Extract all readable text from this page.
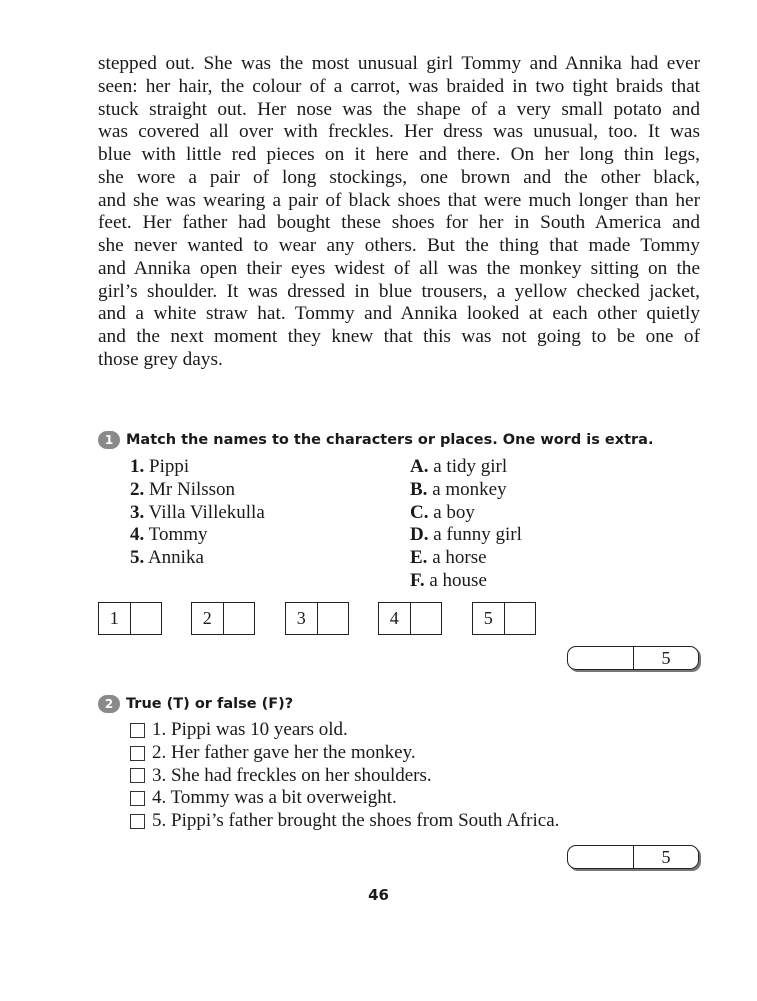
stepped out. She was the most unusual girl Tommy and Annika had ever
seen: her hair, the colour of a carrot, was braided in two tight braids that
stuck straight out. Her nose was the shape of a very small potato and
was covered all over with freckles. Her dress was unusual, too. It was
blue with little red pieces on it here and there. On her long thin legs,
she wore a pair of long stockings, one brown and the other black,
and she was wearing a pair of black shoes that were much longer than her
feet. Her father had bought these shoes for her in South America and
she never wanted to wear any others. But the thing that made Tommy
and Annika open their eyes widest of all was the monkey sitting on the
girl’s shoulder. It was dressed in blue trousers, a yellow checked jacket,
and a white straw hat. Tommy and Annika looked at each other quietly
and the next moment they knew that this was not going to be one of
those grey days.
1 Match the names to the characters or places. One word is extra.
1. Pippi
2. Mr Nilsson
3. Villa Villekulla
4. Tommy
5. Annika
A. a tidy girl
B. a monkey
C. a boy
D. a funny girl
E. a horse
F. a house
1	2	3	4	5
5
2 True (T) or false (F)?
1. Pippi was 10 years old.
2. Her father gave her the monkey.
3. She had freckles on her shoulders.
4. Tommy was a bit overweight.
5. Pippi’s father brought the shoes from South Africa.
5
46
